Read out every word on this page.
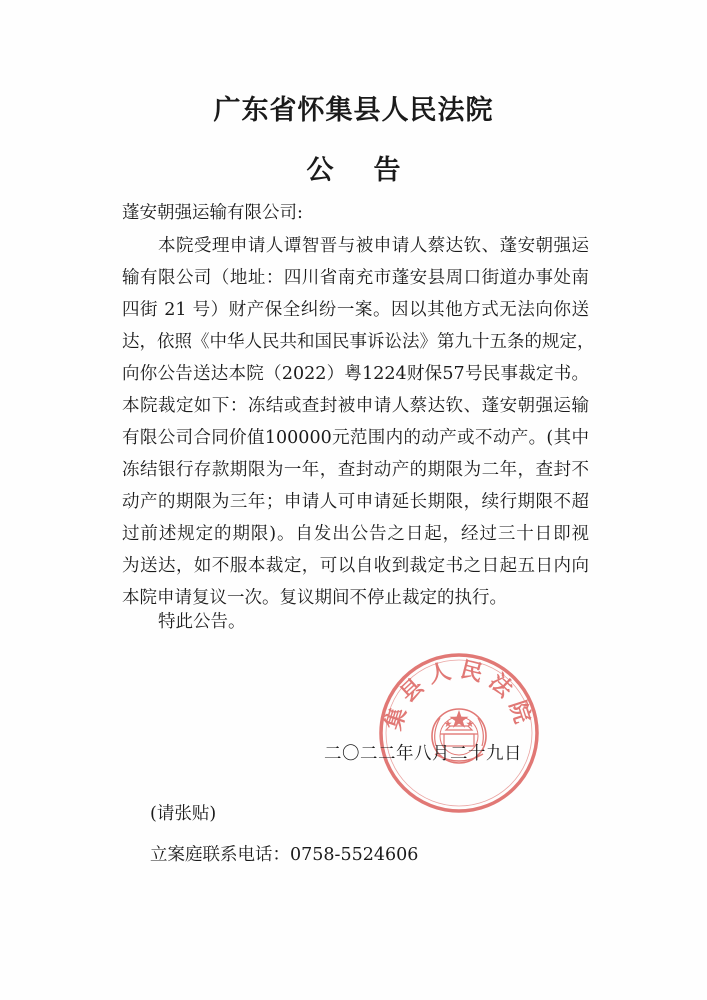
广东省怀集县人民法院
公告
蓬安朝强运输有限公司:
本院受理申请人谭智晋与被申请人蔡达钦、蓬安朝强运
输有限公司（地址：四川省南充市蓬安县周口街道办事处南
四街 21 号）财产保全纠纷一案。因以其他方式无法向你送
达，依照《中华人民共和国民事诉讼法》第九十五条的规定，
向你公告送达本院（2022）粤1224财保57号民事裁定书。
本院裁定如下：冻结或查封被申请人蔡达钦、蓬安朝强运输
有限公司合同价值100000元范围内的动产或不动产。(其中
冻结银行存款期限为一年，查封动产的期限为二年，查封不
动产的期限为三年；申请人可申请延长期限，续行期限不超
过前述规定的期限)。自发出公告之日起，经过三十日即视
为送达，如不服本裁定，可以自收到裁定书之日起五日内向
本院申请复议一次。复议期间不停止裁定的执行。
特此公告。
集县人民法院
二〇二二年八月二十九日
(请张贴)
立案庭联系电话：0758-5524606
